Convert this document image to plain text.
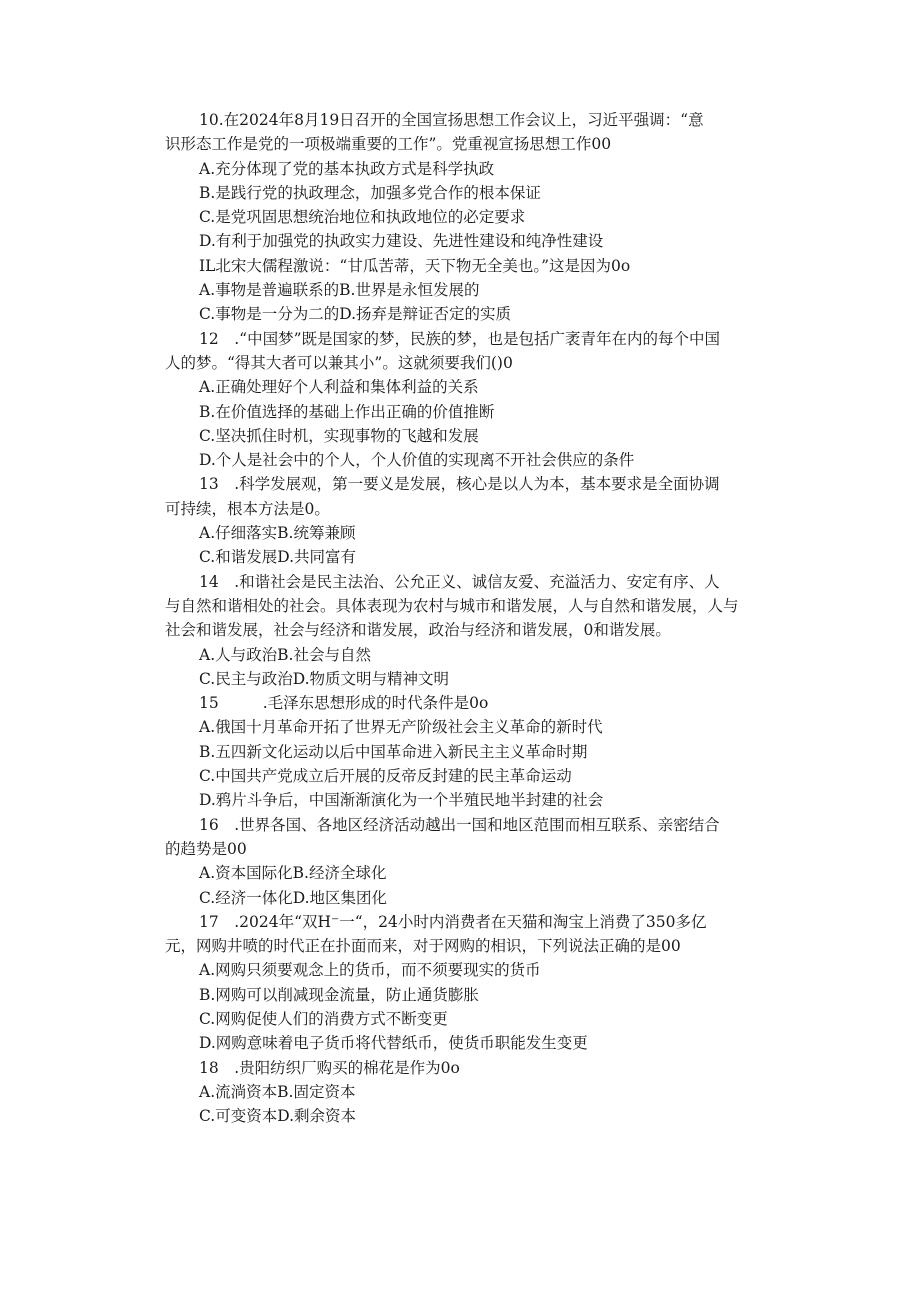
10.在2024年8月19日召开的全国宣扬思想工作会议上，习近平强调：“意
识形态工作是党的一项极端重要的工作”。党重视宣扬思想工作00
A.充分体现了党的基本执政方式是科学执政
B.是践行党的执政理念，加强多党合作的根本保证
C.是党巩固思想统治地位和执政地位的必定要求
D.有利于加强党的执政实力建设、先进性建设和纯净性建设
IL北宋大儒程激说：“甘瓜苦蒂，天下物无全美也。”这是因为0o
A.事物是普遍联系的B.世界是永恒发展的
C.事物是一分为二的D.扬弃是辩证否定的实质
12　.“中国梦”既是国家的梦，民族的梦，也是包括广袤青年在内的每个中国
人的梦。“得其大者可以兼其小”。这就须要我们()0
A.正确处理好个人利益和集体利益的关系
B.在价值选择的基础上作出正确的价值推断
C.坚决抓住时机，实现事物的飞越和发展
D.个人是社会中的个人，个人价值的实现离不开社会供应的条件
13　.科学发展观，第一要义是发展，核心是以人为本，基本要求是全面协调
可持续，根本方法是0。
A.仔细落实B.统筹兼顾
C.和谐发展D.共同富有
14　.和谐社会是民主法治、公允正义、诚信友爱、充溢活力、安定有序、人
与自然和谐相处的社会。具体表现为农村与城市和谐发展，人与自然和谐发展，人与
社会和谐发展，社会与经济和谐发展，政治与经济和谐发展，0和谐发展。
A.人与政治B.社会与自然
C.民主与政治D.物质文明与精神文明
15	.毛泽东思想形成的时代条件是0o
A.俄国十月革命开拓了世界无产阶级社会主义革命的新时代
B.五四新文化运动以后中国革命进入新民主主义革命时期
C.中国共产党成立后开展的反帝反封建的民主革命运动
D.鸦片斗争后，中国渐渐演化为一个半殖民地半封建的社会
16　.世界各国、各地区经济活动越出一国和地区范围而相互联系、亲密结合
的趋势是00
A.资本国际化B.经济全球化
C.经济一体化D.地区集团化
17　.2024年“双H⁻一“，24小时内消费者在天猫和淘宝上消费了350多亿
元，网购井喷的时代正在扑面而来，对于网购的相识，下列说法正确的是00
A.网购只须要观念上的货币，而不须要现实的货币
B.网购可以削减现金流量，防止通货膨胀
C.网购促使人们的消费方式不断变更
D.网购意味着电子货币将代替纸币，使货币职能发生变更
18　.贵阳纺织厂购买的棉花是作为0o
A.流淌资本B.固定资本
C.可变资本D.剩余资本
